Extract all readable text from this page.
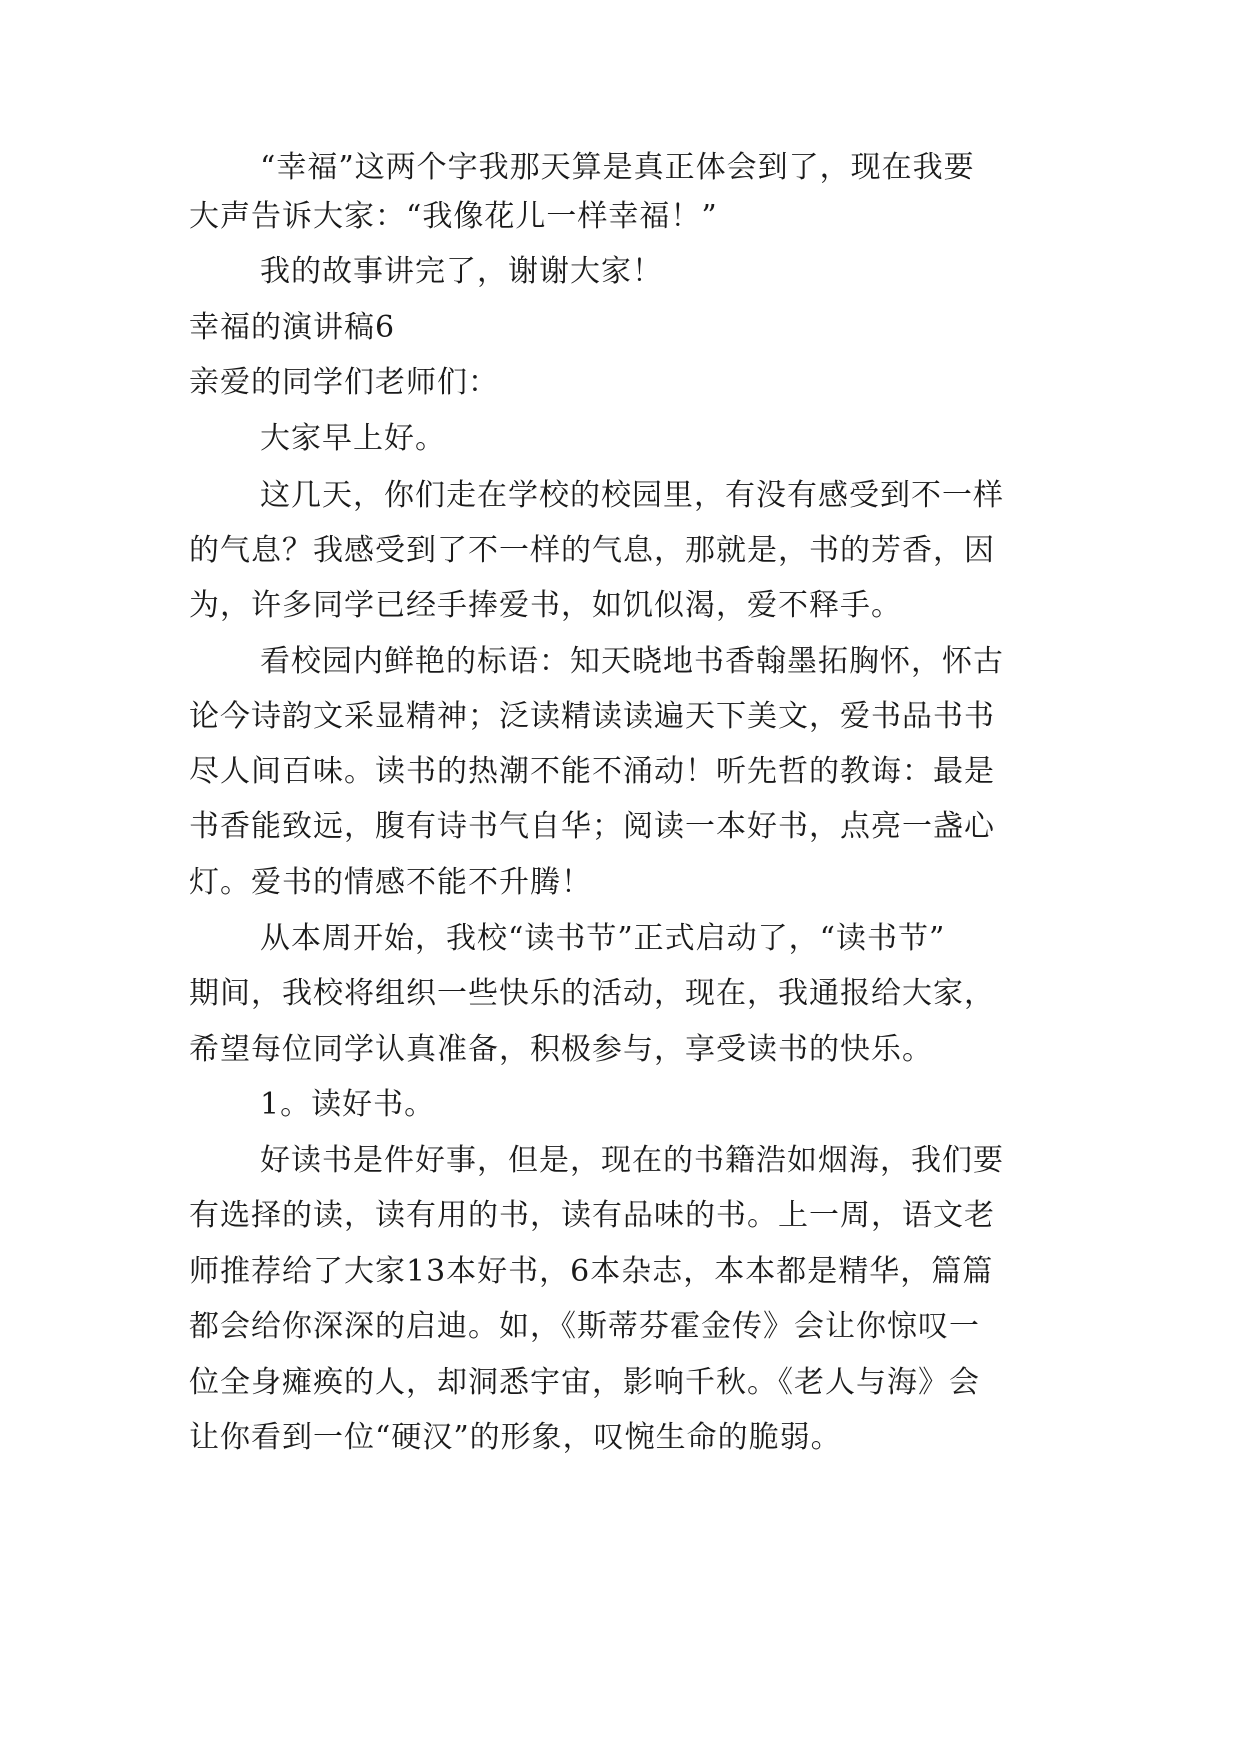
“幸福”这两个字我那天算是真正体会到了，现在我要
大声告诉大家：“我像花儿一样幸福！”
我的故事讲完了，谢谢大家！
幸福的演讲稿6
亲爱的同学们老师们：
大家早上好。
这几天，你们走在学校的校园里，有没有感受到不一样
的气息？我感受到了不一样的气息，那就是，书的芳香，因
为，许多同学已经手捧爱书，如饥似渴，爱不释手。
看校园内鲜艳的标语：知天晓地书香翰墨拓胸怀，怀古
论今诗韵文采显精神；泛读精读读遍天下美文，爱书品书书
尽人间百味。读书的热潮不能不涌动！听先哲的教诲：最是
书香能致远，腹有诗书气自华；阅读一本好书，点亮一盏心
灯。爱书的情感不能不升腾！
从本周开始，我校“读书节”正式启动了，“读书节”
期间，我校将组织一些快乐的活动，现在，我通报给大家，
希望每位同学认真准备，积极参与，享受读书的快乐。
1。读好书。
好读书是件好事，但是，现在的书籍浩如烟海，我们要
有选择的读，读有用的书，读有品味的书。上一周，语文老
师推荐给了大家13本好书，6本杂志，本本都是精华，篇篇
都会给你深深的启迪。如，《斯蒂芬霍金传》会让你惊叹一
位全身瘫痪的人，却洞悉宇宙，影响千秋。《老人与海》会
让你看到一位“硬汉”的形象，叹惋生命的脆弱。
